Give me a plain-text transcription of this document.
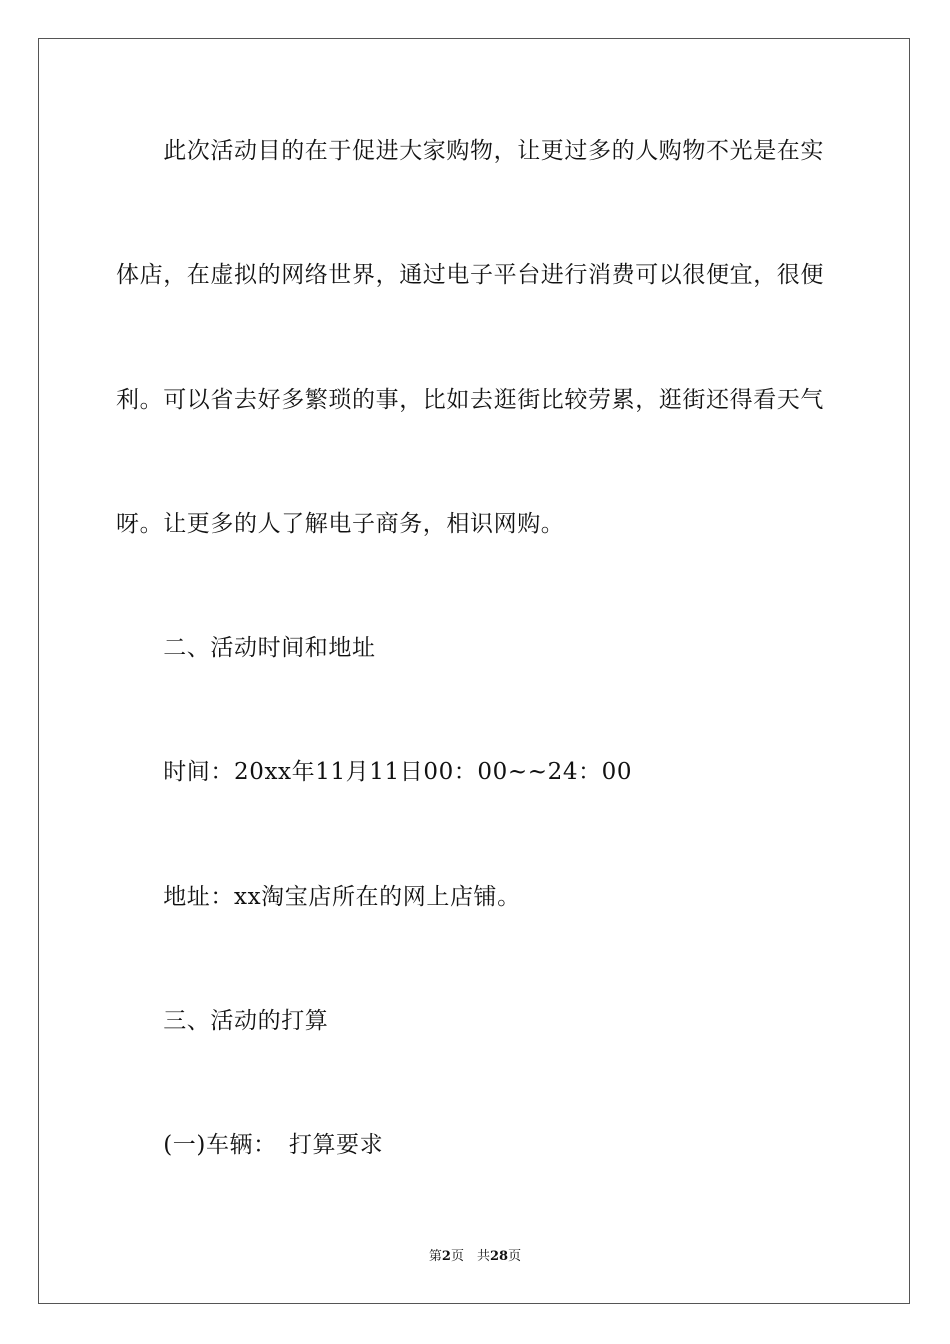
　　此次活动目的在于促进大家购物，让更过多的人购物不光是在实
体店，在虚拟的网络世界，通过电子平台进行消费可以很便宜，很便
利。可以省去好多繁琐的事，比如去逛街比较劳累，逛街还得看天气
呀。让更多的人了解电子商务，相识网购。
　　二、活动时间和地址
　　时间：20xx年11月11日00：00~~24：00
　　地址：xx淘宝店所在的网上店铺。
　　三、活动的打算
　　(一)车辆：　打算要求
第2页　共28页
